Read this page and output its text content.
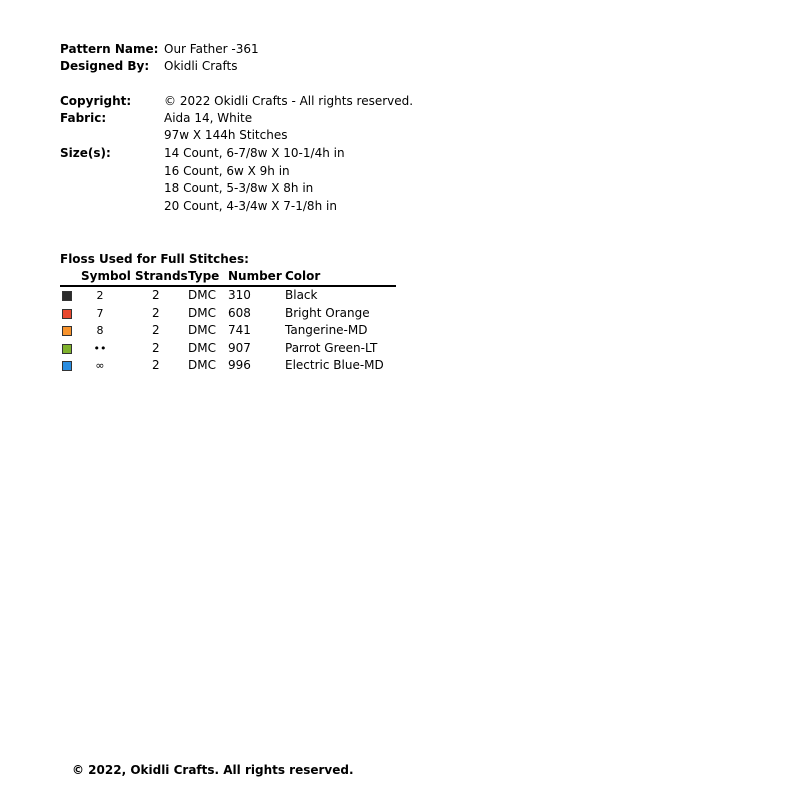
Pattern Name: Our Father -361
Designed By: Okidli Crafts
Copyright:	© 2022 Okidli Crafts - All rights reserved.
Fabric:	Aida 14, White
97w X 144h Stitches
Size(s):	14 Count, 6-7/8w X 10-1/4h in
16 Count, 6w X 9h in
18 Count, 5-3/8w X 8h in
20 Count, 4-3/4w X 7-1/8h in
Floss Used for Full Stitches:
Symbol Strands Type Number Color
2	2 DMC 310	Black
7	2 DMC 608	Bright Orange
8	2 DMC 741	Tangerine-MD
••	2 DMC 907	Parrot Green-LT
∞	2 DMC 996	Electric Blue-MD
© 2022, Okidli Crafts. All rights reserved.
